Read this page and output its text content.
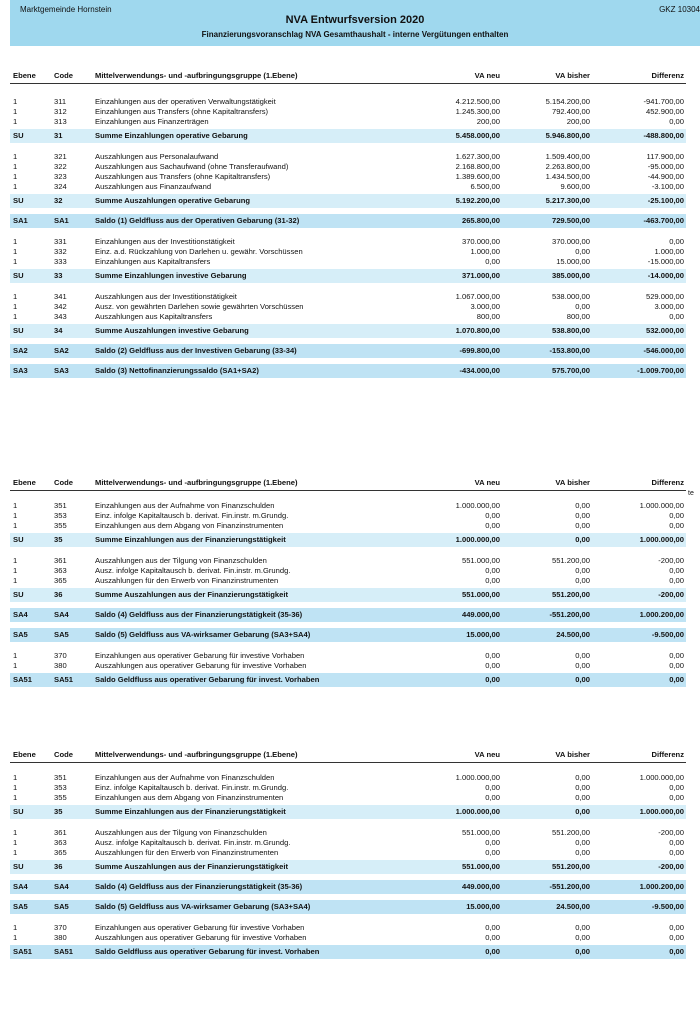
Marktgemeinde Hornstein	GKZ 10304
NVA Entwurfsversion 2020
Finanzierungsvoranschlag NVA Gesamthaushalt - interne Vergütungen enthalten
Ebene Code	Mittelverwendungs- und -aufbringungsgruppe (1.Ebene)	VA neu	VA bisher	Differenz
1	311	Einzahlungen aus der operativen Verwaltungstätigkeit	4.212.500,00	5.154.200,00	-941.700,00
1	312	Einzahlungen aus Transfers (ohne Kapitaltransfers)	1.245.300,00	792.400,00	452.900,00
1	313	Einzahlungen aus Finanzerträgen	200,00	200,00	0,00
SU	31	Summe Einzahlungen operative Gebarung	5.458.000,00	5.946.800,00	-488.800,00
1	321	Auszahlungen aus Personalaufwand	1.627.300,00	1.509.400,00	117.900,00
1	322	Auszahlungen aus Sachaufwand (ohne Transferaufwand)	2.168.800,00	2.263.800,00	-95.000,00
1	323	Auszahlungen aus Transfers (ohne Kapitaltransfers)	1.389.600,00	1.434.500,00	-44.900,00
1	324	Auszahlungen aus Finanzaufwand	6.500,00	9.600,00	-3.100,00
SU	32	Summe Auszahlungen operative Gebarung	5.192.200,00	5.217.300,00	-25.100,00
SA1	SA1	Saldo (1) Geldfluss aus der Operativen Gebarung (31-32)	265.800,00	729.500,00	-463.700,00
1	331	Einzahlungen aus der Investitionstätigkeit	370.000,00	370.000,00	0,00
1	332	Einz. a.d. Rückzahlung von Darlehen u. gewähr. Vorschüssen	1.000,00	0,00	1.000,00
1	333	Einzahlungen aus Kapitaltransfers	0,00	15.000,00	-15.000,00
SU	33	Summe Einzahlungen investive Gebarung	371.000,00	385.000,00	-14.000,00
1	341	Auszahlungen aus der Investitionstätigkeit	1.067.000,00	538.000,00	529.000,00
1	342	Ausz. von gewährten Darlehen sowie gewährten Vorschüssen	3.000,00	0,00	3.000,00
1	343	Auszahlungen aus Kapitaltransfers	800,00	800,00	0,00
SU	34	Summe Auszahlungen investive Gebarung	1.070.800,00	538.800,00	532.000,00
SA2	SA2	Saldo (2) Geldfluss aus der Investiven Gebarung (33-34)	-699.800,00	-153.800,00	-546.000,00
SA3	SA3	Saldo (3) Nettofinanzierungssaldo (SA1+SA2)	-434.000,00	575.700,00	-1.009.700,00
Ebene Code	Mittelverwendungs- und -aufbringungsgruppe (1.Ebene)	VA neu	VA bisher	Differenz
1	351	Einzahlungen aus der Aufnahme von Finanzschulden	1.000.000,00	0,00	1.000.000,00
1	353	Einz. infolge Kapitaltausch b. derivat. Fin.instr. m.Grundg.	0,00	0,00	0,00
1	355	Einzahlungen aus dem Abgang von Finanzinstrumenten	0,00	0,00	0,00
SU	35	Summe Einzahlungen aus der Finanzierungstätigkeit	1.000.000,00	0,00	1.000.000,00
1	361	Auszahlungen aus der Tilgung von Finanzschulden	551.000,00	551.200,00	-200,00
1	363	Ausz. infolge Kapitaltausch b. derivat. Fin.instr. m.Grundg.	0,00	0,00	0,00
1	365	Auszahlungen für den Erwerb von Finanzinstrumenten	0,00	0,00	0,00
SU	36	Summe Auszahlungen aus der Finanzierungstätigkeit	551.000,00	551.200,00	-200,00
SA4	SA4	Saldo (4) Geldfluss aus der Finanzierungstätigkeit (35-36)	449.000,00	-551.200,00	1.000.200,00
SA5	SA5	Saldo (5) Geldfluss aus VA-wirksamer Gebarung (SA3+SA4)	15.000,00	24.500,00	-9.500,00
1	370	Einzahlungen aus operativer Gebarung für investive Vorhaben	0,00	0,00	0,00
1	380	Auszahlungen aus operativer Gebarung für investive Vorhaben	0,00	0,00	0,00
SA51	SA51	Saldo Geldfluss aus operativer Gebarung für invest. Vorhaben	0,00	0,00	0,00
Ebene Code	Mittelverwendungs- und -aufbringungsgruppe (1.Ebene)	VA neu	VA bisher	Differenz
1	351	Einzahlungen aus der Aufnahme von Finanzschulden	1.000.000,00	0,00	1.000.000,00
1	353	Einz. infolge Kapitaltausch b. derivat. Fin.instr. m.Grundg.	0,00	0,00	0,00
1	355	Einzahlungen aus dem Abgang von Finanzinstrumenten	0,00	0,00	0,00
SU	35	Summe Einzahlungen aus der Finanzierungstätigkeit	1.000.000,00	0,00	1.000.000,00
1	361	Auszahlungen aus der Tilgung von Finanzschulden	551.000,00	551.200,00	-200,00
1	363	Ausz. infolge Kapitaltausch b. derivat. Fin.instr. m.Grundg.	0,00	0,00	0,00
1	365	Auszahlungen für den Erwerb von Finanzinstrumenten	0,00	0,00	0,00
SU	36	Summe Auszahlungen aus der Finanzierungstätigkeit	551.000,00	551.200,00	-200,00
SA4	SA4	Saldo (4) Geldfluss aus der Finanzierungstätigkeit (35-36)	449.000,00	-551.200,00	1.000.200,00
SA5	SA5	Saldo (5) Geldfluss aus VA-wirksamer Gebarung (SA3+SA4)	15.000,00	24.500,00	-9.500,00
1	370	Einzahlungen aus operativer Gebarung für investive Vorhaben	0,00	0,00	0,00
1	380	Auszahlungen aus operativer Gebarung für investive Vorhaben	0,00	0,00	0,00
SA51	SA51	Saldo Geldfluss aus operativer Gebarung für invest. Vorhaben	0,00	0,00	0,00
te
